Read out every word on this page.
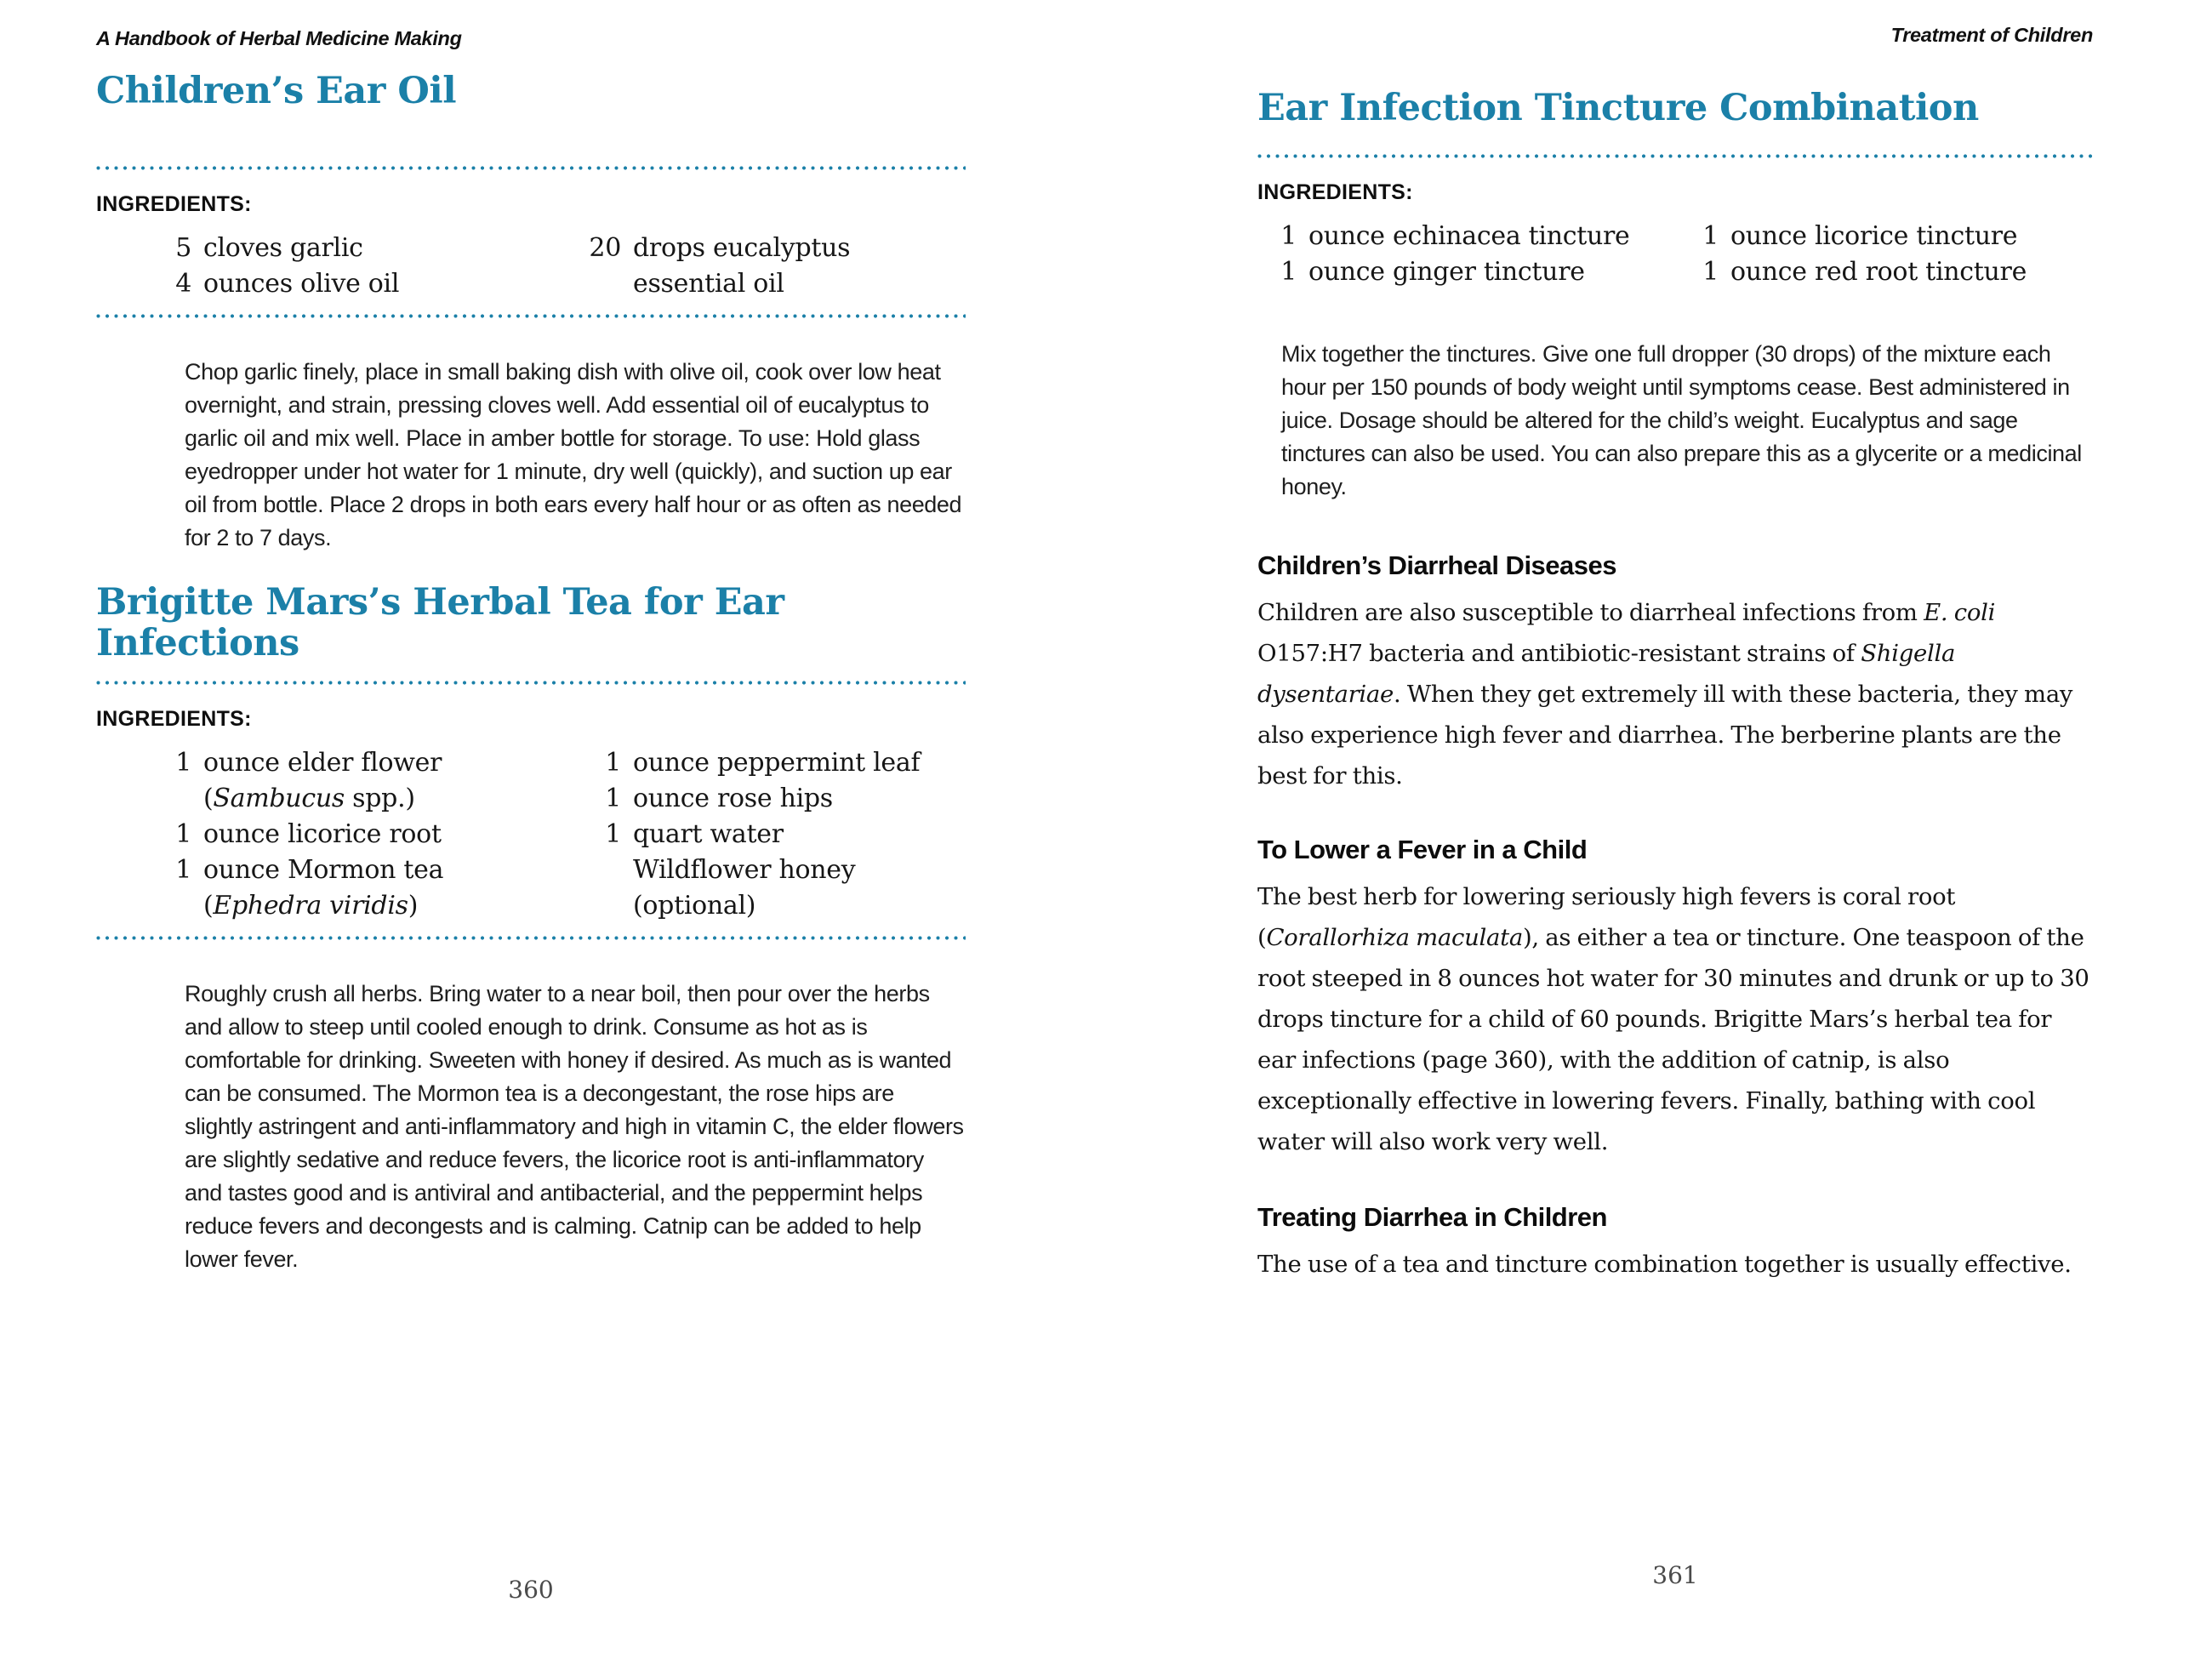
A Handbook of Herbal Medicine Making
Children’s Ear Oil
INGREDIENTS:
5 cloves garlic
4 ounces olive oil
20 drops eucalyptus essential oil

Chop garlic finely, place in small baking dish with olive oil, cook over low heat overnight, and strain, pressing cloves well. Add essential oil of eucalyptus to garlic oil and mix well. Place in amber bottle for storage. To use: Hold glass eyedropper under hot water for 1 minute, dry well (quickly), and suction up ear oil from bottle. Place 2 drops in both ears every half hour or as often as needed for 2 to 7 days.

Brigitte Mars’s Herbal Tea for Ear Infections
INGREDIENTS:
1 ounce elder flower (Sambucus spp.)
1 ounce licorice root
1 ounce Mormon tea (Ephedra viridis)
1 ounce peppermint leaf
1 ounce rose hips
1 quart water
Wildflower honey (optional)

Roughly crush all herbs. Bring water to a near boil, then pour over the herbs and allow to steep until cooled enough to drink. Consume as hot as is comfortable for drinking. Sweeten with honey if desired. As much as is wanted can be consumed. The Mormon tea is a decongestant, the rose hips are slightly astringent and anti-inflammatory and high in vitamin C, the elder flowers are slightly sedative and reduce fevers, the licorice root is anti-inflammatory and tastes good and is antiviral and antibacterial, and the peppermint helps reduce fevers and decongests and is calming. Catnip can be added to help lower fever.

360
Treatment of Children
Ear Infection Tincture Combination
INGREDIENTS:
1 ounce echinacea tincture
1 ounce ginger tincture
1 ounce licorice tincture
1 ounce red root tincture

Mix together the tinctures. Give one full dropper (30 drops) of the mixture each hour per 150 pounds of body weight until symptoms cease. Best administered in juice. Dosage should be altered for the child’s weight. Eucalyptus and sage tinctures can also be used. You can also prepare this as a glycerite or a medicinal honey.

Children’s Diarrheal Diseases

Children are also susceptible to diarrheal infections from E. coli O157:H7 bacteria and antibiotic-resistant strains of Shigella dysentariae. When they get extremely ill with these bacteria, they may also experience high fever and diarrhea. The berberine plants are the best for this.

To Lower a Fever in a Child

The best herb for lowering seriously high fevers is coral root (Corallorhiza maculata), as either a tea or tincture. One teaspoon of the root steeped in 8 ounces hot water for 30 minutes and drunk or up to 30 drops tincture for a child of 60 pounds. Brigitte Mars’s herbal tea for ear infections (page 360), with the addition of catnip, is also exceptionally effective in lowering fevers. Finally, bathing with cool water will also work very well.

Treating Diarrhea in Children

The use of a tea and tincture combination together is usually effective.

361
